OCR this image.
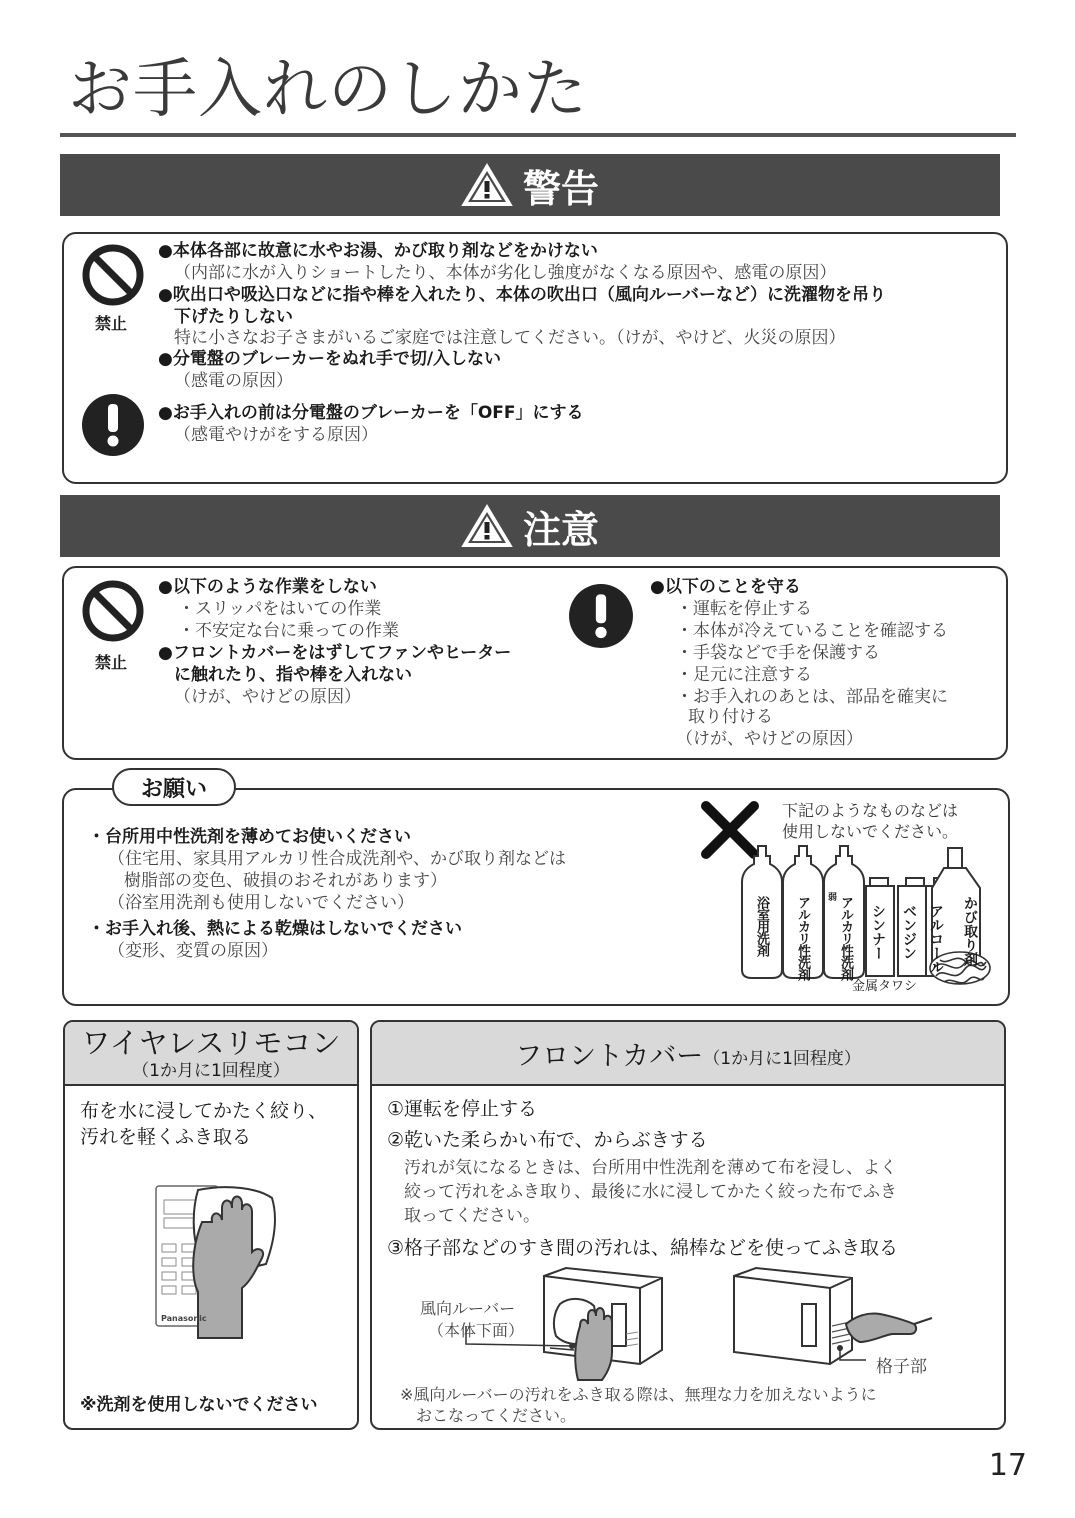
お手入れのしかた
警告
禁止
●本体各部に故意に水やお湯、かび取り剤などをかけない
（内部に水が入りショートしたり、本体が劣化し強度がなくなる原因や、感電の原因）
●吹出口や吸込口などに指や棒を入れたり、本体の吹出口（風向ルーバーなど）に洗濯物を吊り
下げたりしない
特に小さなお子さまがいるご家庭では注意してください。（けが、やけど、火災の原因）
●分電盤のブレーカーをぬれ手で切/入しない
（感電の原因）
●お手入れの前は分電盤のブレーカーを「OFF」にする
（感電やけがをする原因）
注意
禁止
●以下のような作業をしない
・スリッパをはいての作業
・不安定な台に乗っての作業
●フロントカバーをはずしてファンやヒーター
に触れたり、指や棒を入れない
（けが、やけどの原因）
●以下のことを守る
・運転を停止する
・本体が冷えていることを確認する
・手袋などで手を保護する
・足元に注意する
・お手入れのあとは、部品を確実に
取り付ける
（けが、やけどの原因）
お願い
・台所用中性洗剤を薄めてお使いください
（住宅用、家具用アルカリ性合成洗剤や、かび取り剤などは
樹脂部の変色、破損のおそれがあります）
（浴室用洗剤も使用しないでください）
・お手入れ後、熱による乾燥はしないでください
（変形、変質の原因）
下記のようなものなどは
使用しないでください。
浴室用洗剤 アルカリ性洗剤 弱 アルカリ性洗剤 シンナー ベンジン アルコール かび取り剤
金属タワシ
ワイヤレスリモコン
（1か月に1回程度）
布を水に浸してかたく絞り、
汚れを軽くふき取る
Panasonic
※洗剤を使用しないでください
フロントカバー （1か月に1回程度）
①運転を停止する
②乾いた柔らかい布で、からぶきする
汚れが気になるときは、台所用中性洗剤を薄めて布を浸し、よく
絞って汚れをふき取り、最後に水に浸してかたく絞った布でふき
取ってください。
③格子部などのすき間の汚れは、綿棒などを使ってふき取る
風向ルーバー
（本体下面）
格子部
※風向ルーバーの汚れをふき取る際は、無理な力を加えないように
おこなってください。
17
